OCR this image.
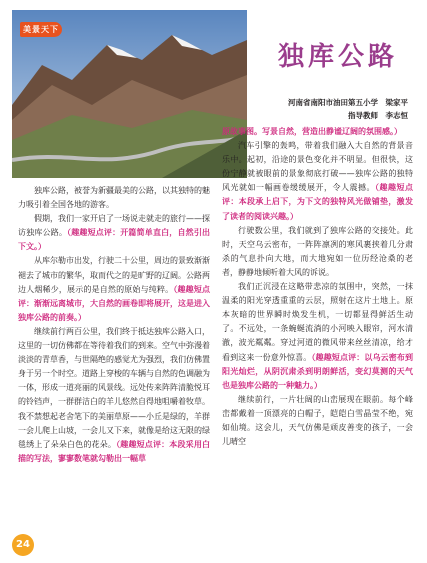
美景天下
独库公路
河南省南阳市油田第五小学　梁家平
指导教师　李志恒

原故事图。写景自然，营造出静谧辽阔的氛围感。）

汽车引擎的轰鸣，带着我们融入大自然的背景音乐中。起初，沿途的景色变化并不明显。但很快，这份宁静就被眼前的景象彻底打破——独库公路的独特风光就如一幅画卷缓缓展开，令人震撼。（趣趣短点评：本段承上启下，为下文的独特风光做铺垫，激发了读者的阅读兴趣。）

行驶数公里，我们就到了独库公路的交接处。此时，天空乌云密布，一阵阵凛冽的寒风裹挟着几分肃杀的气息扑向大地，而大地宛如一位历经沧桑的老者，静静地倾听着大风的诉说。

我们正沉浸在这略带悲凉的氛围中，突然，一抹温柔的阳光穿透重重的云层，照射在这片土地上。原本灰暗的世界瞬时焕发生机，一切都显得鲜活生动了。不远处，一条蜿蜒流淌的小河映入眼帘，河水清澈，波光粼粼。穿过河道的微风带来丝丝清凉，给才看到这来一份意外惊喜。（趣趣短点评：以乌云密布到阳光灿烂，从阴沉肃杀到明朗鲜活，变幻莫测的天气也是独库公路的一种魅力。）

继续前行，一片壮阔的山峦展现在眼前。每个峰峦都戴着一顶漂亮的白帽子，皑皑白雪晶莹不绝，宛如仙境。这会儿，天气仿佛是顽皮善变的孩子，一会儿晴空

独库公路，被誉为新疆最美的公路，以其独特的魅力吸引着全国各地的游客。

假期，我们一家开启了一场说走就走的旅行——探访独库公路。（趣趣短点评：开篇简单直白，自然引出下文。）

从库尔勒市出发，行驶二十公里，周边的景致渐渐褪去了城市的繁华，取而代之的是旷野的辽阔。公路两边人烟稀少，展示的是自然的原始与纯粹。（趣趣短点评：渐渐远离城市，大自然的画卷即将展开，这是进入独库公路的前奏。）

继续前行两百公里，我们终于抵达独库公路入口，这里的一切仿佛都在等待着我们的到来。空气中弥漫着淡淡的青草香，与世隔绝的感觉尤为强烈，我们仿佛置身于另一个时空。道路上穿梭的车辆与自然的色调融为一体，形成一道亮丽的风景线。远处传来阵阵清脆悦耳的铃铛声，一群群洁白的羊儿悠然自得地咀嚼着牧草。我不禁想起老舍笔下的美丽草原——小丘是绿的，羊群一会儿爬上山坡，一会儿又下来，就像是给这无限的绿毯绣上了朵朵白色的花朵。（趣趣短点评：本段采用白描的写法，寥寥数笔就勾勒出一幅草

24
